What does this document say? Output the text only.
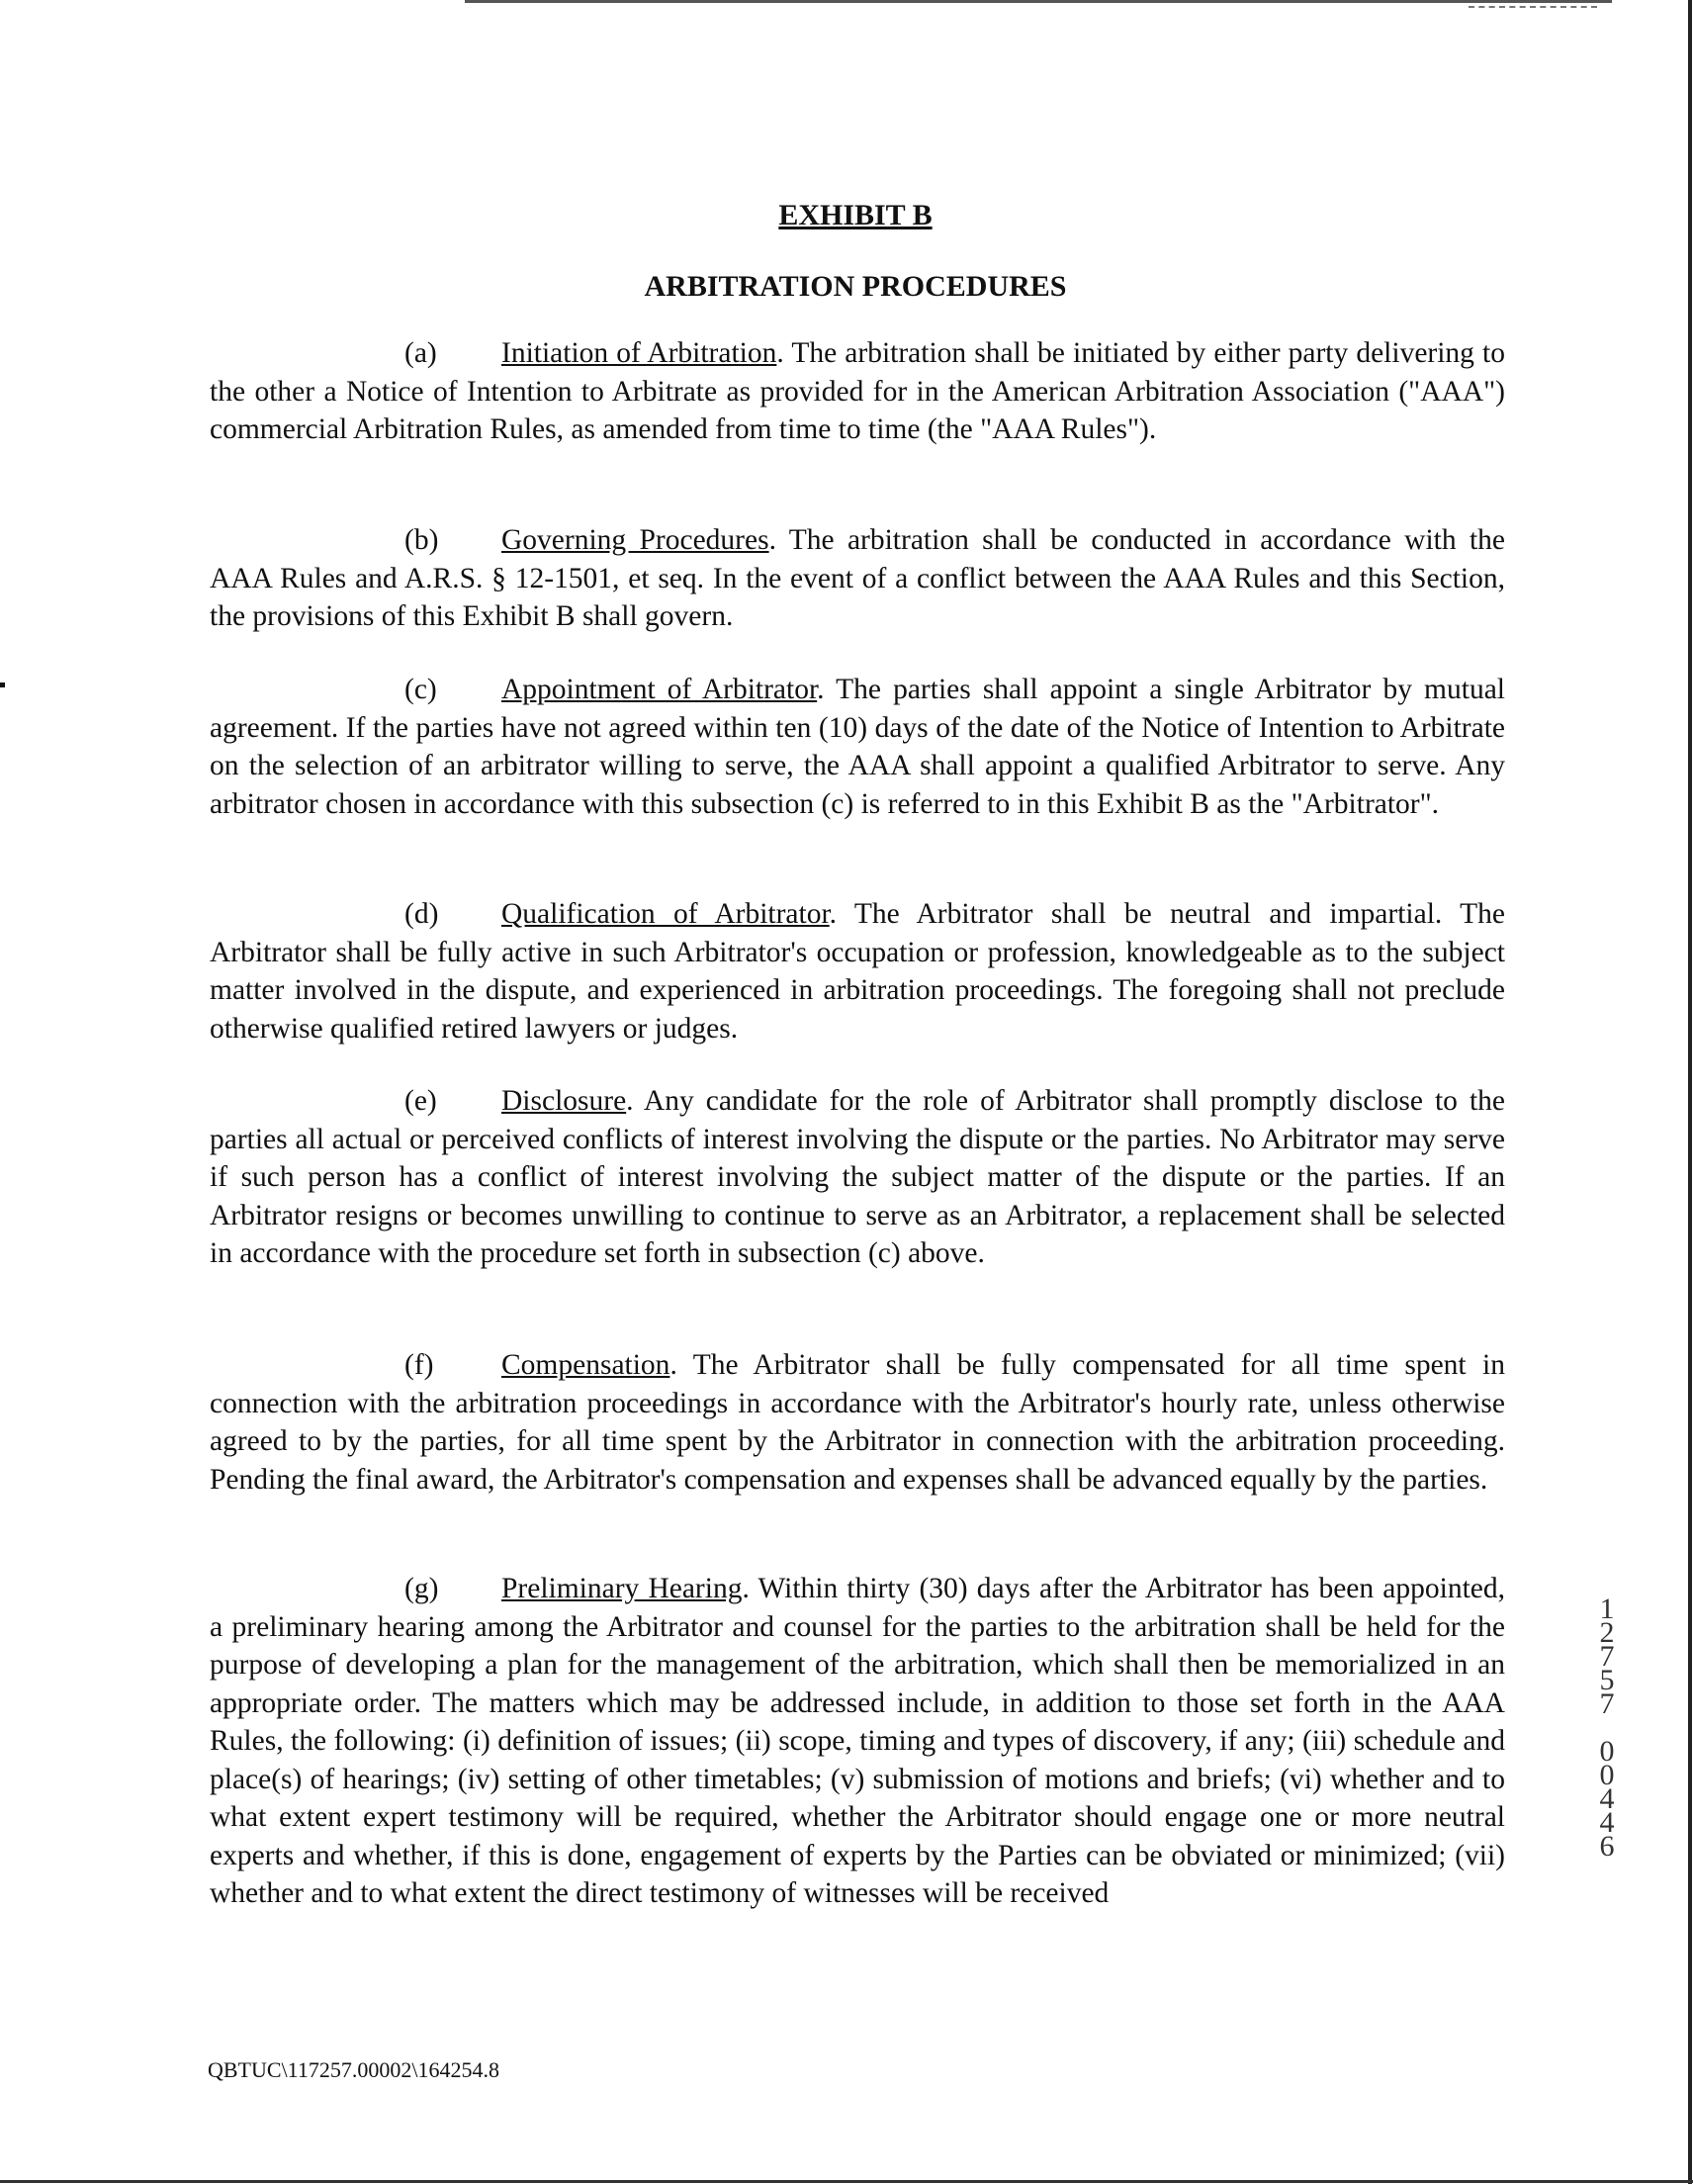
EXHIBIT B
ARBITRATION PROCEDURES

(a) Initiation of Arbitration. The arbitration shall be initiated by either party delivering to the other a Notice of Intention to Arbitrate as provided for in the American Arbitration Association ("AAA") commercial Arbitration Rules, as amended from time to time (the "AAA Rules").

(b) Governing Procedures. The arbitration shall be conducted in accordance with the AAA Rules and A.R.S. § 12-1501, et seq. In the event of a conflict between the AAA Rules and this Section, the provisions of this Exhibit B shall govern.

(c) Appointment of Arbitrator. The parties shall appoint a single Arbitrator by mutual agreement. If the parties have not agreed within ten (10) days of the date of the Notice of Intention to Arbitrate on the selection of an arbitrator willing to serve, the AAA shall appoint a qualified Arbitrator to serve. Any arbitrator chosen in accordance with this subsection (c) is referred to in this Exhibit B as the "Arbitrator".

(d) Qualification of Arbitrator. The Arbitrator shall be neutral and impartial. The Arbitrator shall be fully active in such Arbitrator's occupation or profession, knowledgeable as to the subject matter involved in the dispute, and experienced in arbitration proceedings. The foregoing shall not preclude otherwise qualified retired lawyers or judges.

(e) Disclosure. Any candidate for the role of Arbitrator shall promptly disclose to the parties all actual or perceived conflicts of interest involving the dispute or the parties. No Arbitrator may serve if such person has a conflict of interest involving the subject matter of the dispute or the parties. If an Arbitrator resigns or becomes unwilling to continue to serve as an Arbitrator, a replacement shall be selected in accordance with the procedure set forth in subsection (c) above.

(f) Compensation. The Arbitrator shall be fully compensated for all time spent in connection with the arbitration proceedings in accordance with the Arbitrator's hourly rate, unless otherwise agreed to by the parties, for all time spent by the Arbitrator in connection with the arbitration proceeding. Pending the final award, the Arbitrator's compensation and expenses shall be advanced equally by the parties.

(g) Preliminary Hearing. Within thirty (30) days after the Arbitrator has been appointed, a preliminary hearing among the Arbitrator and counsel for the parties to the arbitration shall be held for the purpose of developing a plan for the management of the arbitration, which shall then be memorialized in an appropriate order. The matters which may be addressed include, in addition to those set forth in the AAA Rules, the following: (i) definition of issues; (ii) scope, timing and types of discovery, if any; (iii) schedule and place(s) of hearings; (iv) setting of other timetables; (v) submission of motions and briefs; (vi) whether and to what extent expert testimony will be required, whether the Arbitrator should engage one or more neutral experts and whether, if this is done, engagement of experts by the Parties can be obviated or minimized; (vii) whether and to what extent the direct testimony of witnesses will be received

QBTUC\117257.00002\164254.8

1
2
7
5
7
0
0
4
4
6
